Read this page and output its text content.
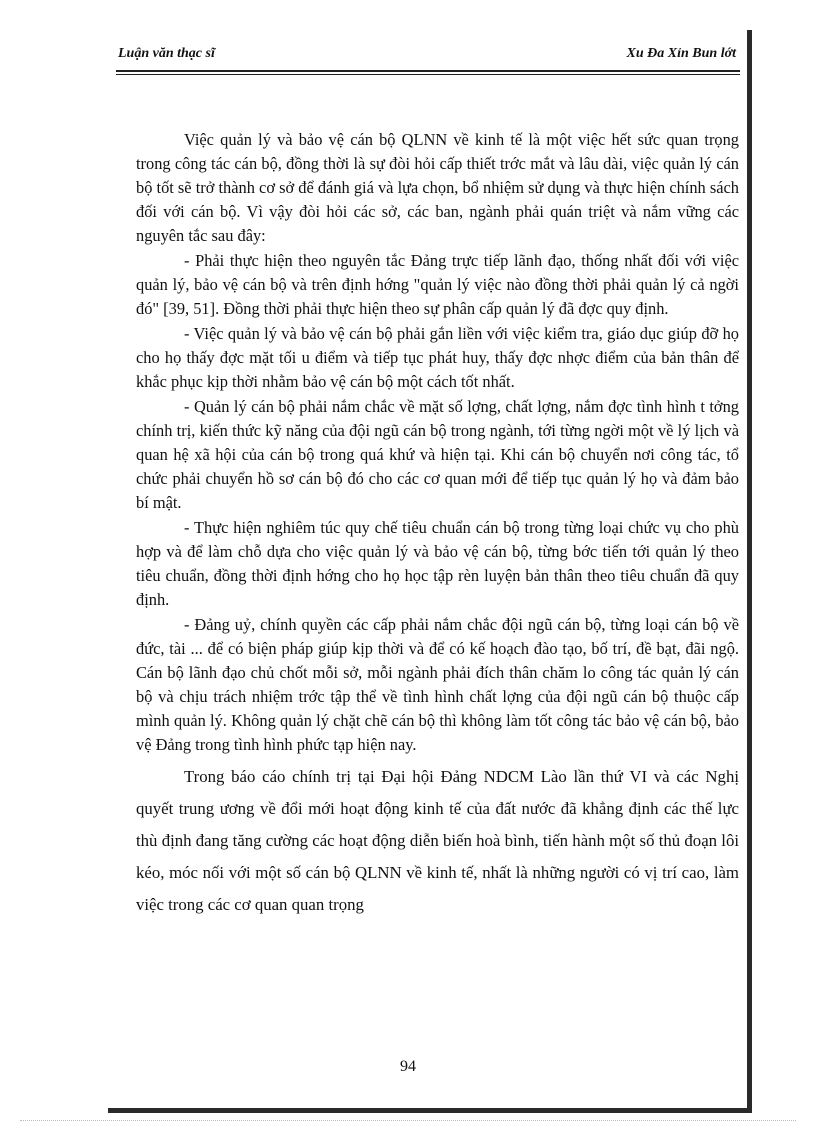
Luận văn thạc sĩ	Xu Đa Xỉn Bun lớt

Việc quản lý và bảo vệ cán bộ QLNN về kinh tế là một việc hết sức quan trọng trong công tác cán bộ, đồng thời là sự đòi hỏi cấp thiết trớc mắt và lâu dài, việc quản lý cán bộ tốt sẽ trở thành cơ sở để đánh giá và lựa chọn, bổ nhiệm sử dụng và thực hiện chính sách đối với cán bộ. Vì vậy đòi hỏi các sở, các ban, ngành phải quán triệt và nắm vững các nguyên tắc sau đây:

- Phải thực hiện theo nguyên tắc Đảng trực tiếp lãnh đạo, thống nhất đối với việc quản lý, bảo vệ cán bộ và trên định hớng "quản lý việc nào đồng thời phải quản lý cả ngời đó" [39, 51]. Đồng thời phải thực hiện theo sự phân cấp quản lý đã đợc quy định.

- Việc quản lý và bảo vệ cán bộ phải gắn liền với việc kiểm tra, giáo dục giúp đỡ họ cho họ thấy đợc mặt tối u điểm và tiếp tục phát huy, thấy đợc nhợc điểm của bản thân để khắc phục kịp thời nhằm bảo vệ cán bộ một cách tốt nhất.

- Quản lý cán bộ phải nắm chắc về mặt số lợng, chất lợng, nắm đợc tình hình t tởng chính trị, kiến thức kỹ năng của đội ngũ cán bộ trong ngành, tới từng ngời một về lý lịch và quan hệ xã hội của cán bộ trong quá khứ và hiện tại. Khi cán bộ chuyển nơi công tác, tổ chức phải chuyển hồ sơ cán bộ đó cho các cơ quan mới để tiếp tục quản lý họ và đảm bảo bí mật.

- Thực hiện nghiêm túc quy chế tiêu chuẩn cán bộ trong từng loại chức vụ cho phù hợp và để làm chỗ dựa cho việc quản lý và bảo vệ cán bộ, từng bớc tiến tới quản lý theo tiêu chuẩn, đồng thời định hớng cho họ học tập rèn luyện bản thân theo tiêu chuẩn đã quy định.

- Đảng uỷ, chính quyền các cấp phải nắm chắc đội ngũ cán bộ, từng loại cán bộ về đức, tài ... để có biện pháp giúp kịp thời và để có kế hoạch đào tạo, bố trí, đề bạt, đãi ngộ. Cán bộ lãnh đạo chủ chốt mỗi sở, mỗi ngành phải đích thân chăm lo công tác quản lý cán bộ và chịu trách nhiệm trớc tập thể về tình hình chất lợng của đội ngũ cán bộ thuộc cấp mình quản lý. Không quản lý chặt chẽ cán bộ thì không làm tốt công tác bảo vệ cán bộ, bảo vệ Đảng trong tình hình phức tạp hiện nay.

Trong báo cáo chính trị tại Đại hội Đảng NDCM Lào lần thứ VI và các Nghị quyết trung ương về đổi mới hoạt động kinh tế của đất nước đã khẳng định các thế lực thù định đang tăng cường các hoạt động diễn biến hoà bình, tiến hành một số thủ đoạn lôi kéo, móc nối với một số cán bộ QLNN về kinh tế, nhất là những người có vị trí cao, làm việc trong các cơ quan quan trọng

94
